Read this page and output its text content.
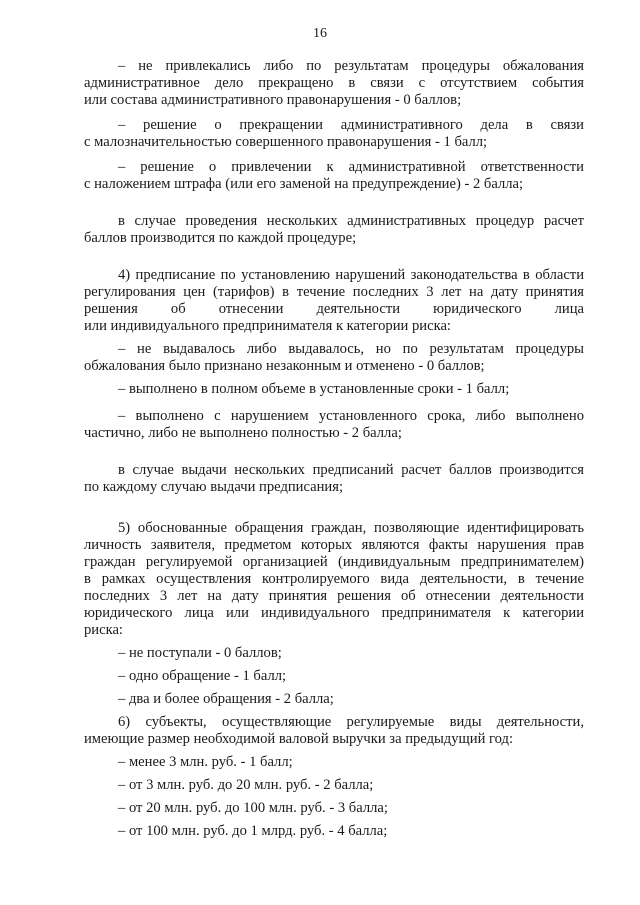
16
– не привлекались либо по результатам процедуры обжалования
административное дело прекращено в связи с отсутствием события
или состава административного правонарушения - 0 баллов;
– решение о прекращении административного дела в связи
с малозначительностью совершенного правонарушения - 1 балл;
– решение о привлечении к административной ответственности
с наложением штрафа (или его заменой на предупреждение) - 2 балла;
в случае проведения нескольких административных процедур расчет
баллов производится по каждой процедуре;
4) предписание по установлению нарушений законодательства в области
регулирования цен (тарифов) в течение последних 3 лет на дату принятия
решения об отнесении деятельности юридического лица
или индивидуального предпринимателя к категории риска:
– не выдавалось либо выдавалось, но по результатам процедуры
обжалования было признано незаконным и отменено - 0 баллов;
– выполнено в полном объеме в установленные сроки - 1 балл;
– выполнено с нарушением установленного срока, либо выполнено
частично, либо не выполнено полностью - 2 балла;
в случае выдачи нескольких предписаний расчет баллов производится
по каждому случаю выдачи предписания;
5) обоснованные обращения граждан, позволяющие идентифицировать
личность заявителя, предметом которых являются факты нарушения прав
граждан регулируемой организацией (индивидуальным предпринимателем)
в рамках осуществления контролируемого вида деятельности, в течение
последних 3 лет на дату принятия решения об отнесении деятельности
юридического лица или индивидуального предпринимателя к категории
риска:
– не поступали - 0 баллов;
– одно обращение - 1 балл;
– два и более обращения - 2 балла;
6) субъекты, осуществляющие регулируемые виды деятельности,
имеющие размер необходимой валовой выручки за предыдущий год:
– менее 3 млн. руб. - 1 балл;
– от 3 млн. руб. до 20 млн. руб. - 2 балла;
– от 20 млн. руб. до 100 млн. руб. - 3 балла;
– от 100 млн. руб. до 1 млрд. руб. - 4 балла;
